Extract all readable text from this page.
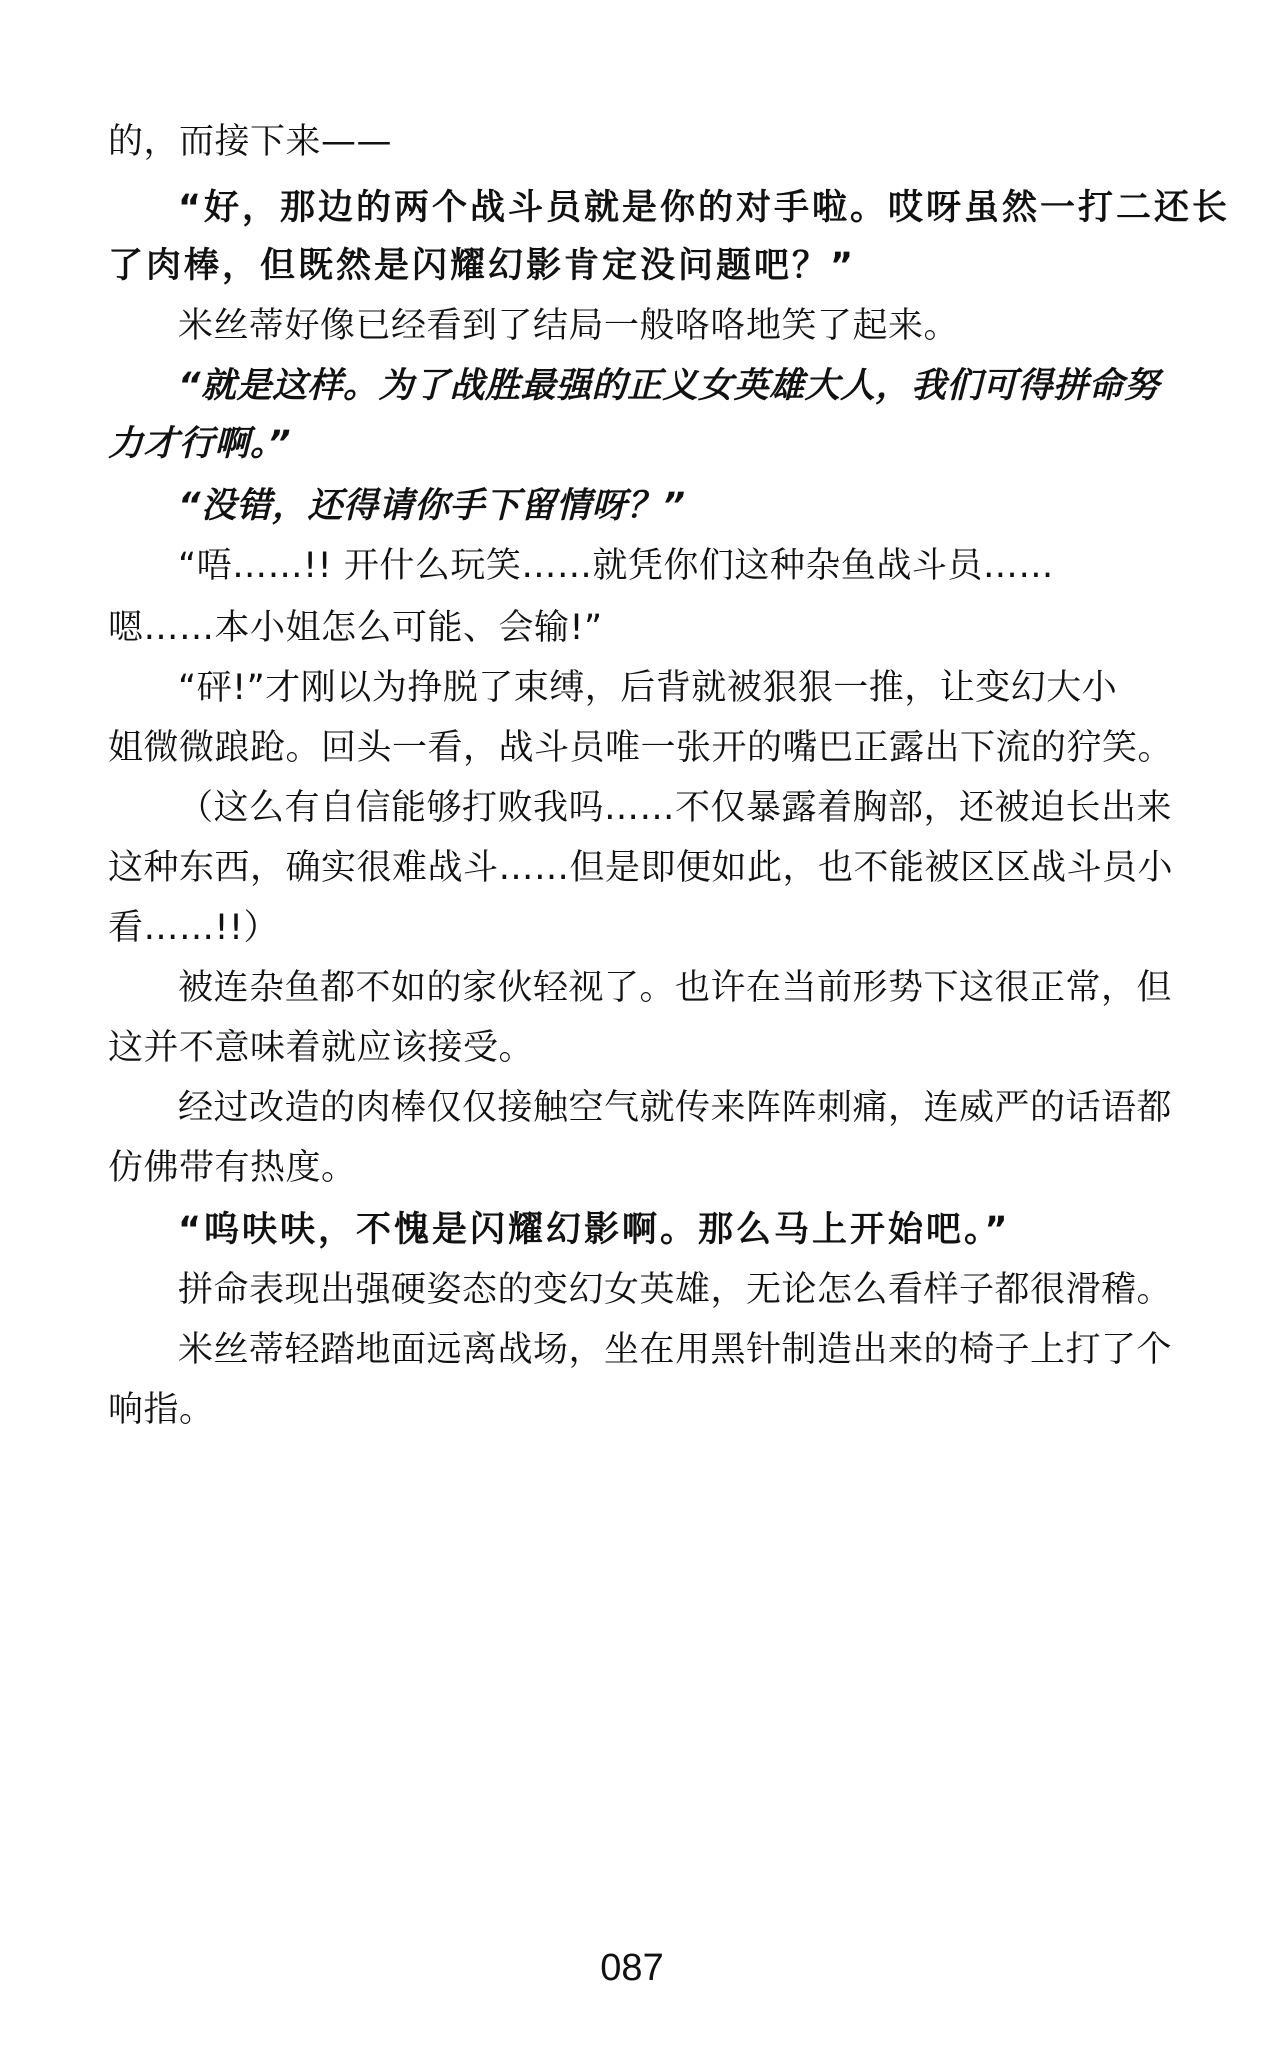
的，而接下来——
“好，那边的两个战斗员就是你的对手啦。哎呀虽然一打二还长
了肉棒，但既然是闪耀幻影肯定没问题吧？”
米丝蒂好像已经看到了结局一般咯咯地笑了起来。
“就是这样。为了战胜最强的正义女英雄大人，我们可得拼命努
力才行啊。”
“没错，还得请你手下留情呀？”
“唔……!! 开什么玩笑……就凭你们这种杂鱼战斗员……
嗯……本小姐怎么可能、会输!”
“砰!”才刚以为挣脱了束缚，后背就被狠狠一推，让变幻大小
姐微微踉跄。回头一看，战斗员唯一张开的嘴巴正露出下流的狞笑。
（这么有自信能够打败我吗……不仅暴露着胸部，还被迫长出来
这种东西，确实很难战斗……但是即便如此，也不能被区区战斗员小
看……!!）
被连杂鱼都不如的家伙轻视了。也许在当前形势下这很正常，但
这并不意味着就应该接受。
经过改造的肉棒仅仅接触空气就传来阵阵刺痛，连威严的话语都
仿佛带有热度。
“呜呋呋，不愧是闪耀幻影啊。那么马上开始吧。”
拼命表现出强硬姿态的变幻女英雄，无论怎么看样子都很滑稽。
米丝蒂轻踏地面远离战场，坐在用黑针制造出来的椅子上打了个
响指。
087
